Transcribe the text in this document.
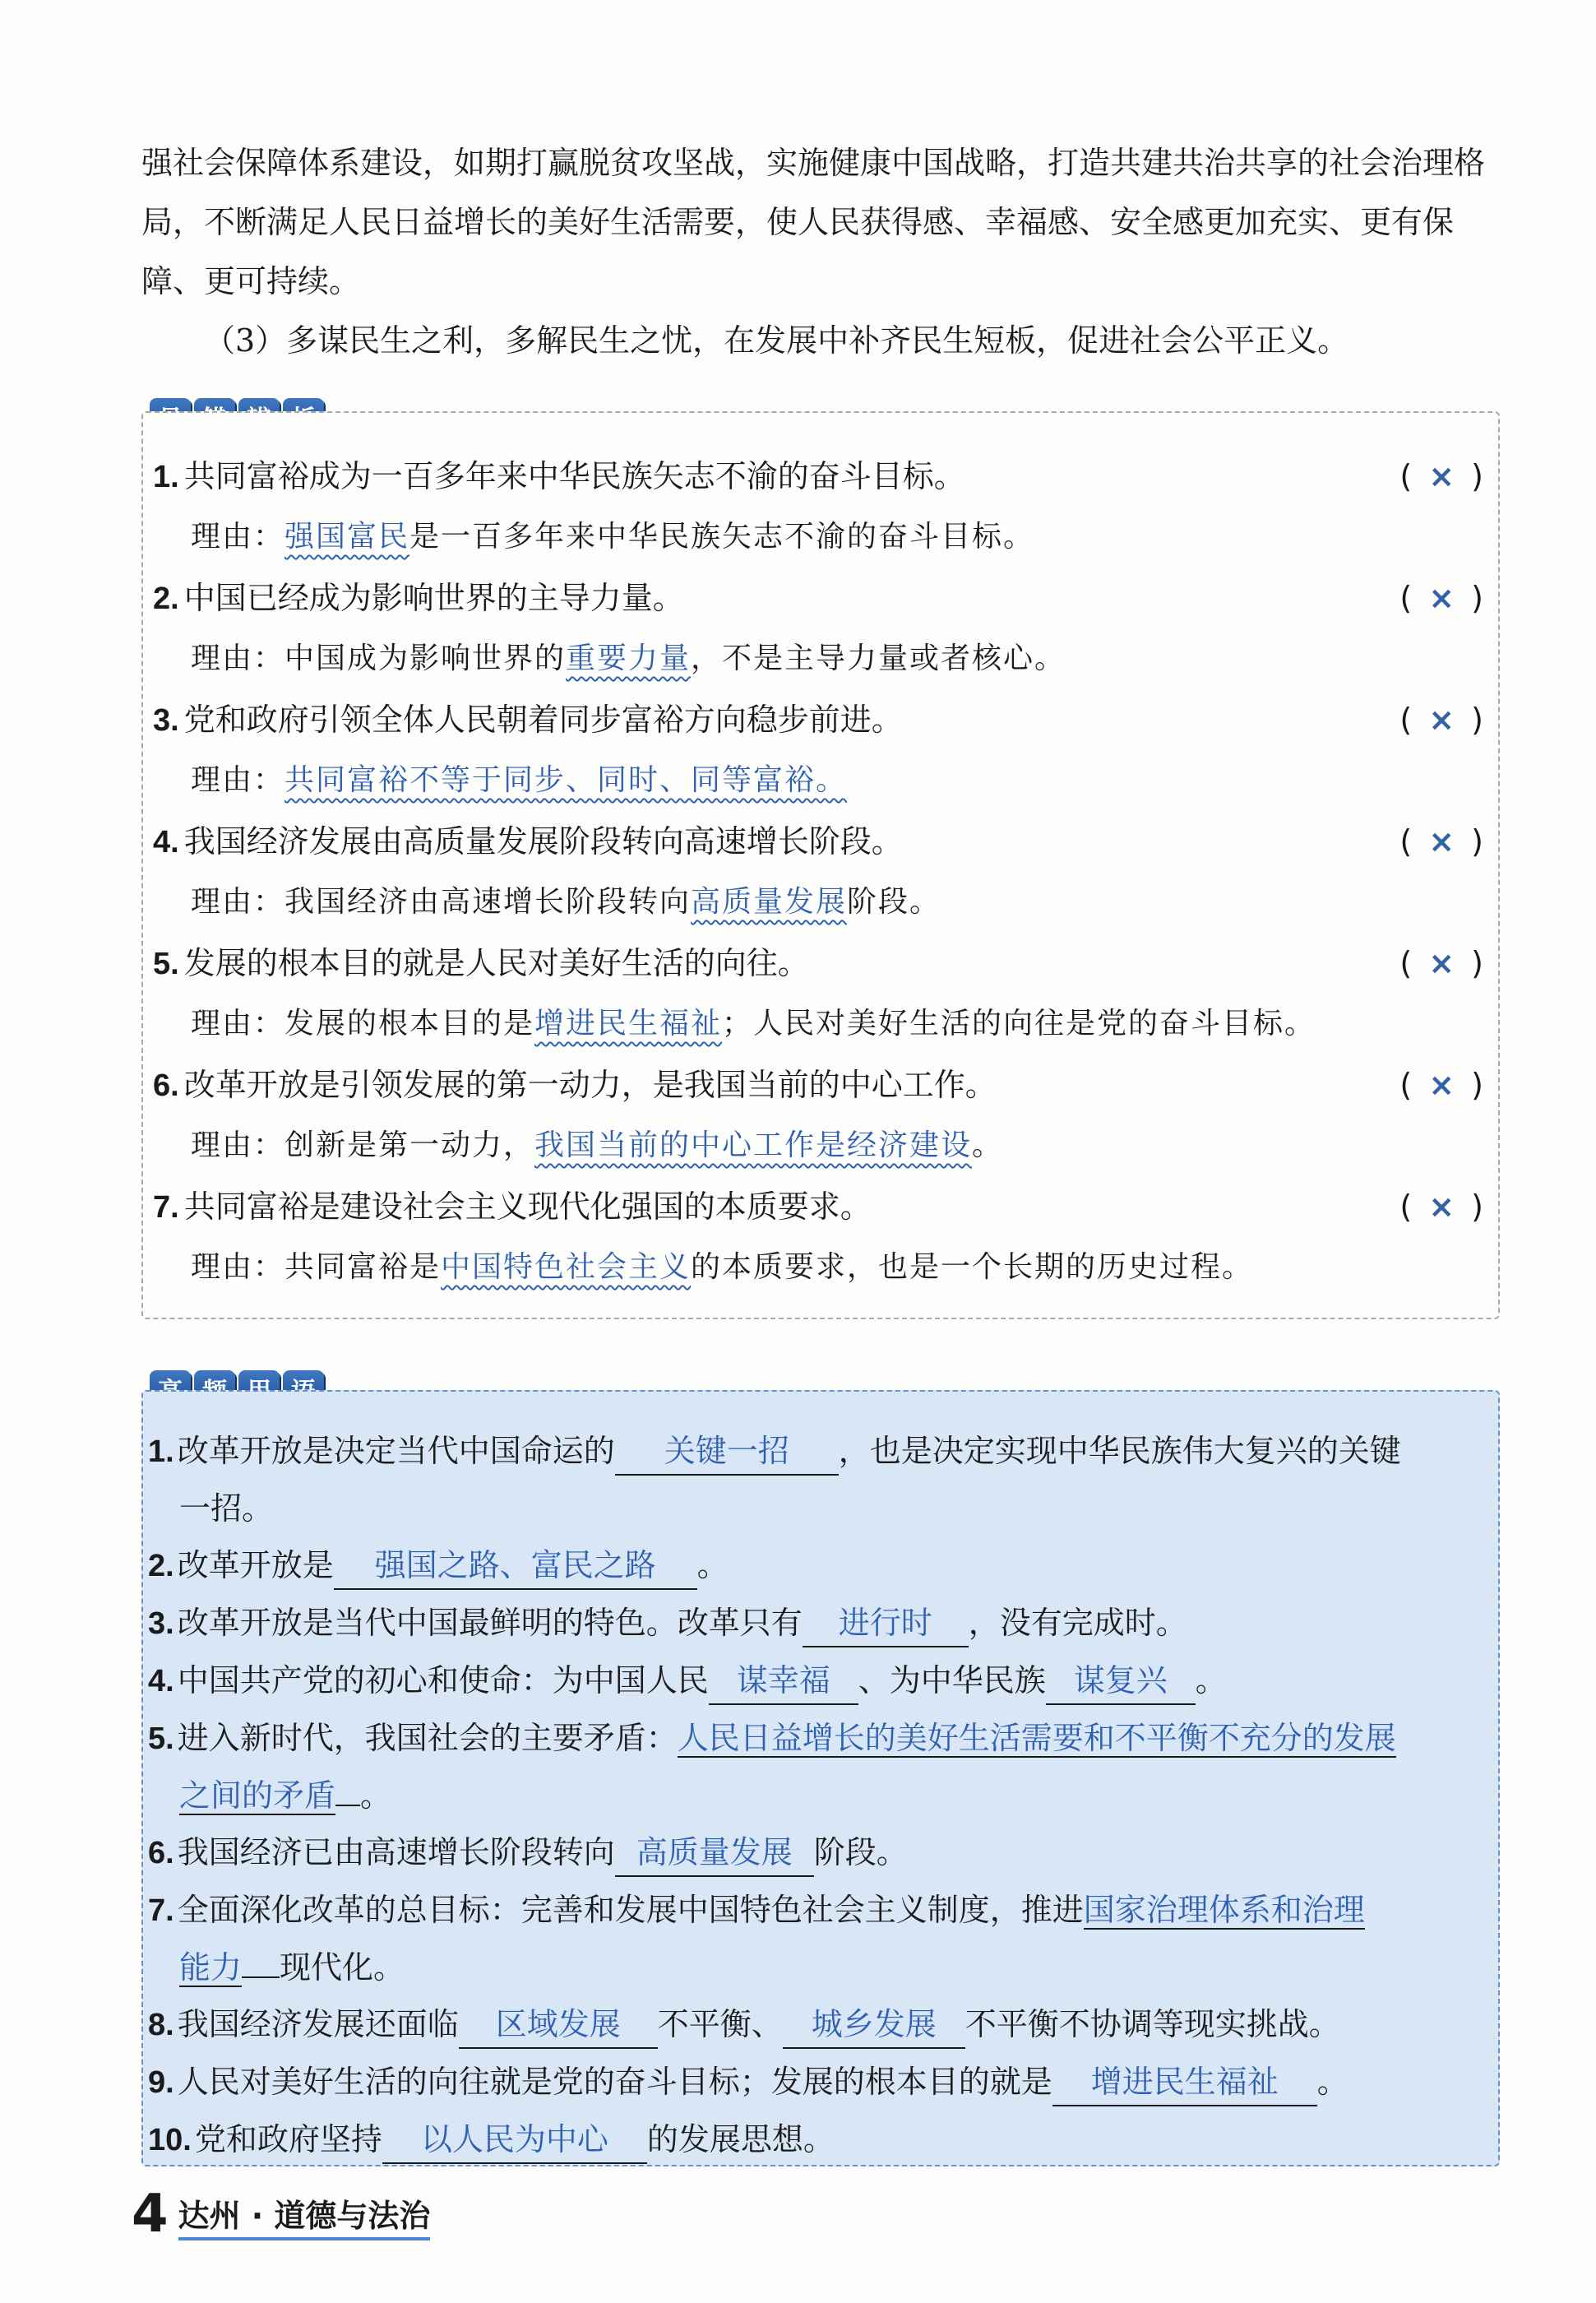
强社会保障体系建设，如期打赢脱贫攻坚战，实施健康中国战略，打造共建共治共享的社会治理格局，不断满足人民日益增长的美好生活需要，使人民获得感、幸福感、安全感更加充实、更有保障、更可持续。

（3）多谋民生之利，多解民生之忧，在发展中补齐民生短板，促进社会公平正义。

1. 共同富裕成为一百多年来中华民族矢志不渝的奋斗目标。	( × )
理由：强国富民是一百多年来中华民族矢志不渝的奋斗目标。
2. 中国已经成为影响世界的主导力量。	( × )
理由：中国成为影响世界的重要力量，不是主导力量或者核心。
3. 党和政府引领全体人民朝着同步富裕方向稳步前进。	( × )
理由：共同富裕不等于同步、同时、同等富裕。
4. 我国经济发展由高质量发展阶段转向高速增长阶段。	( × )
理由：我国经济由高速增长阶段转向高质量发展阶段。
5. 发展的根本目的就是人民对美好生活的向往。	( × )
理由：发展的根本目的是增进民生福祉；人民对美好生活的向往是党的奋斗目标。
6. 改革开放是引领发展的第一动力，是我国当前的中心工作。	( × )
理由：创新是第一动力，我国当前的中心工作是经济建设。
7. 共同富裕是建设社会主义现代化强国的本质要求。	( × )
理由：共同富裕是中国特色社会主义的本质要求，也是一个长期的历史过程。

1. 改革开放是决定当代中国命运的 关键一招 ，也是决定实现中华民族伟大复兴的关键

一招。

2. 改革开放是 强国之路、富民之路 。

3. 改革开放是当代中国最鲜明的特色。改革只有 进行时 ，没有完成时。

4. 中国共产党的初心和使命：为中国人民 谋幸福 、为中华民族 谋复兴 。

5. 进入新时代，我国社会的主要矛盾：人民日益增长的美好生活需要和不平衡不充分的发展

之间的矛盾 。

6. 我国经济已由高速增长阶段转向 高质量发展 阶段。

7. 全面深化改革的总目标：完善和发展中国特色社会主义制度，推进国家治理体系和治理

能力 现代化。

8. 我国经济发展还面临 区域发展 不平衡、 城乡发展 不平衡不协调等现实挑战。

9. 人民对美好生活的向往就是党的奋斗目标；发展的根本目的就是 增进民生福祉 。

10. 党和政府坚持 以人民为中心 的发展思想。

4 达州 · 道德与法治
